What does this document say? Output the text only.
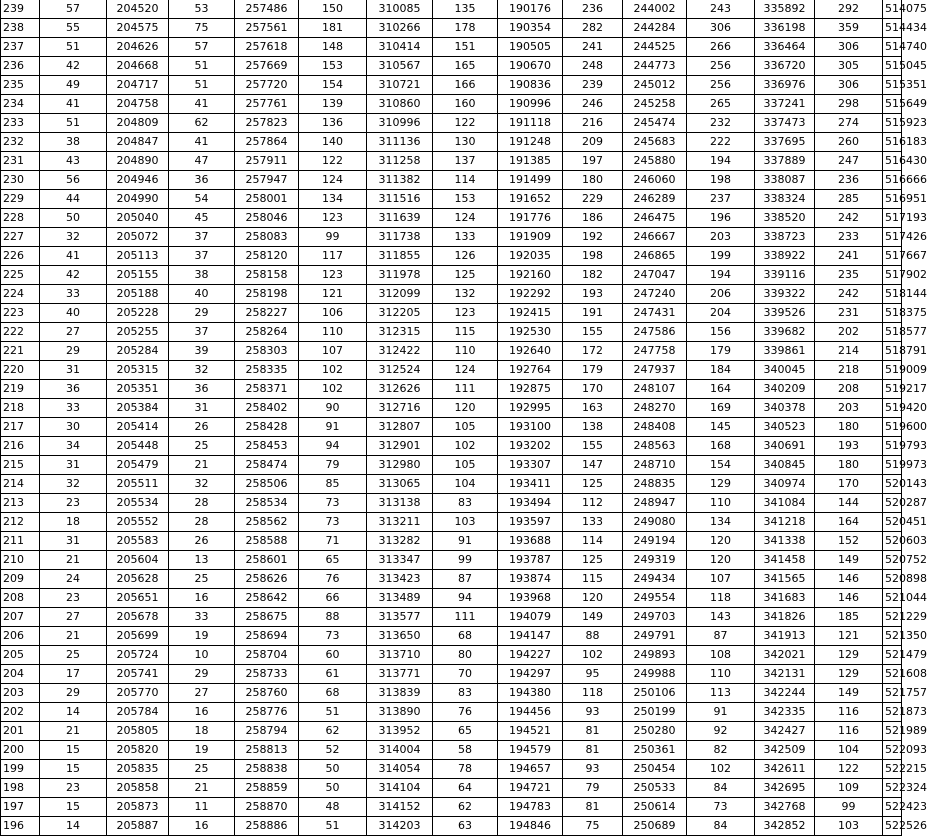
239	57	204520	53	257486	150	310085	135	190176	236	244002	243	335892	292	514075
238	55	204575	75	257561	181	310266	178	190354	282	244284	306	336198	359	514434
237	51	204626	57	257618	148	310414	151	190505	241	244525	266	336464	306	514740
236	42	204668	51	257669	153	310567	165	190670	248	244773	256	336720	305	515045
235	49	204717	51	257720	154	310721	166	190836	239	245012	256	336976	306	515351
234	41	204758	41	257761	139	310860	160	190996	246	245258	265	337241	298	515649
233	51	204809	62	257823	136	310996	122	191118	216	245474	232	337473	274	515923
232	38	204847	41	257864	140	311136	130	191248	209	245683	222	337695	260	516183
231	43	204890	47	257911	122	311258	137	191385	197	245880	194	337889	247	516430
230	56	204946	36	257947	124	311382	114	191499	180	246060	198	338087	236	516666
229	44	204990	54	258001	134	311516	153	191652	229	246289	237	338324	285	516951
228	50	205040	45	258046	123	311639	124	191776	186	246475	196	338520	242	517193
227	32	205072	37	258083	99	311738	133	191909	192	246667	203	338723	233	517426
226	41	205113	37	258120	117	311855	126	192035	198	246865	199	338922	241	517667
225	42	205155	38	258158	123	311978	125	192160	182	247047	194	339116	235	517902
224	33	205188	40	258198	121	312099	132	192292	193	247240	206	339322	242	518144
223	40	205228	29	258227	106	312205	123	192415	191	247431	204	339526	231	518375
222	27	205255	37	258264	110	312315	115	192530	155	247586	156	339682	202	518577
221	29	205284	39	258303	107	312422	110	192640	172	247758	179	339861	214	518791
220	31	205315	32	258335	102	312524	124	192764	179	247937	184	340045	218	519009
219	36	205351	36	258371	102	312626	111	192875	170	248107	164	340209	208	519217
218	33	205384	31	258402	90	312716	120	192995	163	248270	169	340378	203	519420
217	30	205414	26	258428	91	312807	105	193100	138	248408	145	340523	180	519600
216	34	205448	25	258453	94	312901	102	193202	155	248563	168	340691	193	519793
215	31	205479	21	258474	79	312980	105	193307	147	248710	154	340845	180	519973
214	32	205511	32	258506	85	313065	104	193411	125	248835	129	340974	170	520143
213	23	205534	28	258534	73	313138	83	193494	112	248947	110	341084	144	520287
212	18	205552	28	258562	73	313211	103	193597	133	249080	134	341218	164	520451
211	31	205583	26	258588	71	313282	91	193688	114	249194	120	341338	152	520603
210	21	205604	13	258601	65	313347	99	193787	125	249319	120	341458	149	520752
209	24	205628	25	258626	76	313423	87	193874	115	249434	107	341565	146	520898
208	23	205651	16	258642	66	313489	94	193968	120	249554	118	341683	146	521044
207	27	205678	33	258675	88	313577	111	194079	149	249703	143	341826	185	521229
206	21	205699	19	258694	73	313650	68	194147	88	249791	87	341913	121	521350
205	25	205724	10	258704	60	313710	80	194227	102	249893	108	342021	129	521479
204	17	205741	29	258733	61	313771	70	194297	95	249988	110	342131	129	521608
203	29	205770	27	258760	68	313839	83	194380	118	250106	113	342244	149	521757
202	14	205784	16	258776	51	313890	76	194456	93	250199	91	342335	116	521873
201	21	205805	18	258794	62	313952	65	194521	81	250280	92	342427	116	521989
200	15	205820	19	258813	52	314004	58	194579	81	250361	82	342509	104	522093
199	15	205835	25	258838	50	314054	78	194657	93	250454	102	342611	122	522215
198	23	205858	21	258859	50	314104	64	194721	79	250533	84	342695	109	522324
197	15	205873	11	258870	48	314152	62	194783	81	250614	73	342768	99	522423
196	14	205887	16	258886	51	314203	63	194846	75	250689	84	342852	103	522526
